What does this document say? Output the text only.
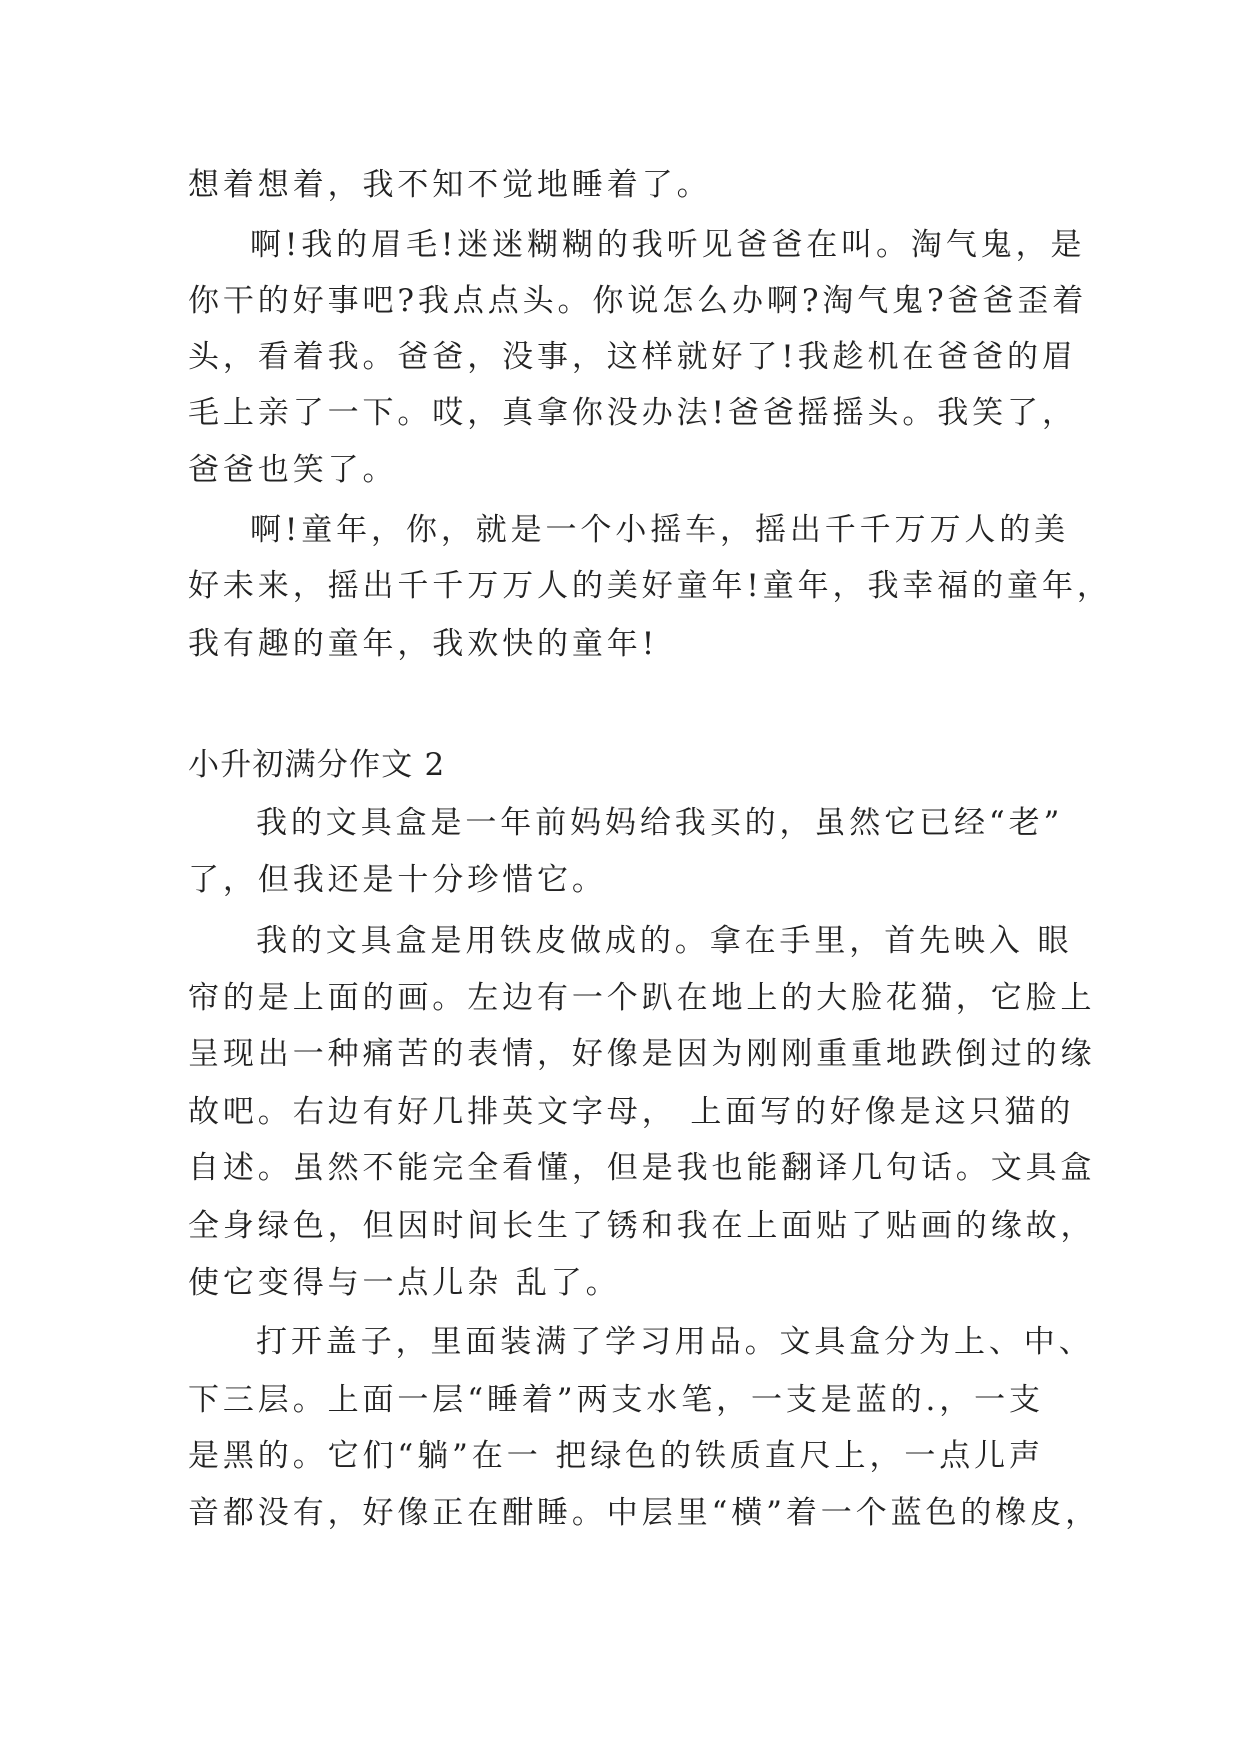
想着想着，我不知不觉地睡着了。
啊!我的眉毛!迷迷糊糊的我听见爸爸在叫。淘气鬼，是
你干的好事吧?我点点头。你说怎么办啊?淘气鬼?爸爸歪着
头，看着我。爸爸，没事，这样就好了!我趁机在爸爸的眉
毛上亲了一下。哎，真拿你没办法!爸爸摇摇头。我笑了，
爸爸也笑了。
啊!童年，你，就是一个小摇车，摇出千千万万人的美
好未来，摇出千千万万人的美好童年!童年，我幸福的童年，
我有趣的童年，我欢快的童年!
小升初满分作文 2
我的文具盒是一年前妈妈给我买的，虽然它已经“老”
了，但我还是十分珍惜它。
我的文具盒是用铁皮做成的。拿在手里，首先映入 眼
帘的是上面的画。左边有一个趴在地上的大脸花猫，它脸上
呈现出一种痛苦的表情，好像是因为刚刚重重地跌倒过的缘
故吧。右边有好几排英文字母， 上面写的好像是这只猫的
自述。虽然不能完全看懂，但是我也能翻译几句话。文具盒
全身绿色，但因时间长生了锈和我在上面贴了贴画的缘故，
使它变得与一点儿杂 乱了。
打开盖子，里面装满了学习用品。文具盒分为上、中、
下三层。上面一层“睡着”两支水笔，一支是蓝的.，一支
是黑的。它们“躺”在一 把绿色的铁质直尺上，一点儿声
音都没有，好像正在酣睡。中层里“横”着一个蓝色的橡皮，
